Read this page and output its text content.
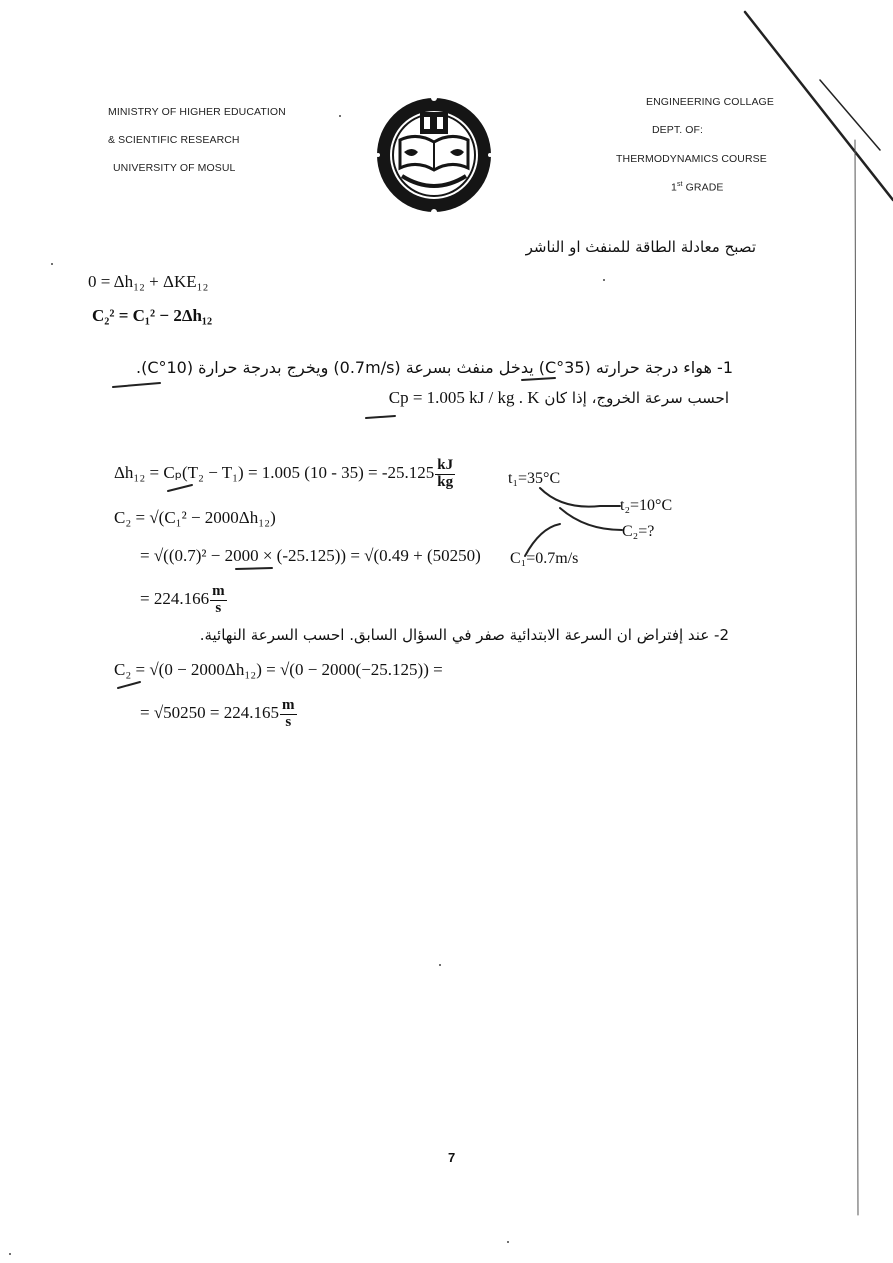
MINISTRY OF HIGHER EDUCATION
& SCIENTIFIC RESEARCH
UNIVERSITY OF MOSUL
ENGINEERING COLLAGE
DEPT. OF:
THERMODYNAMICS COURSE
1st GRADE
تصبح معادلة الطاقة للمنفث او الناشر
0 = Δh₁₂ + ΔKE₁₂
C₂² = C₁² − 2Δh₁₂
1- هواء درجة حرارته (35°C) يدخل منفث بسرعة (0.7m/s) ويخرج بدرجة حرارة (10°C).
احسب سرعة الخروج، إذا كان Cp = 1.005 kJ / kg . K
Δh₁₂ = Cₚ(T₂ − T₁) = 1.005 $(10 - 35) = -25.125 \frac{kJ}{kg}$
C₂ = √(C₁² − 2000Δh₁₂)
= √((0.7)² − 2000 × (-25.125)) = √(0.49 + (50250)
= $224.166 \frac{m}{s}$
t₁=35°C
t₂=10°C
C₂=?
C₁=0.7m/s
2- عند إفتراض ان السرعة الابتدائية صفر في السؤال السابق. احسب السرعة النهائية.
C₂ = √(0 − 2000Δh₁₂) = √(0 − 2000(−25.125)) =
= $√50250 = 224.165 \frac{m}{s}$
7
